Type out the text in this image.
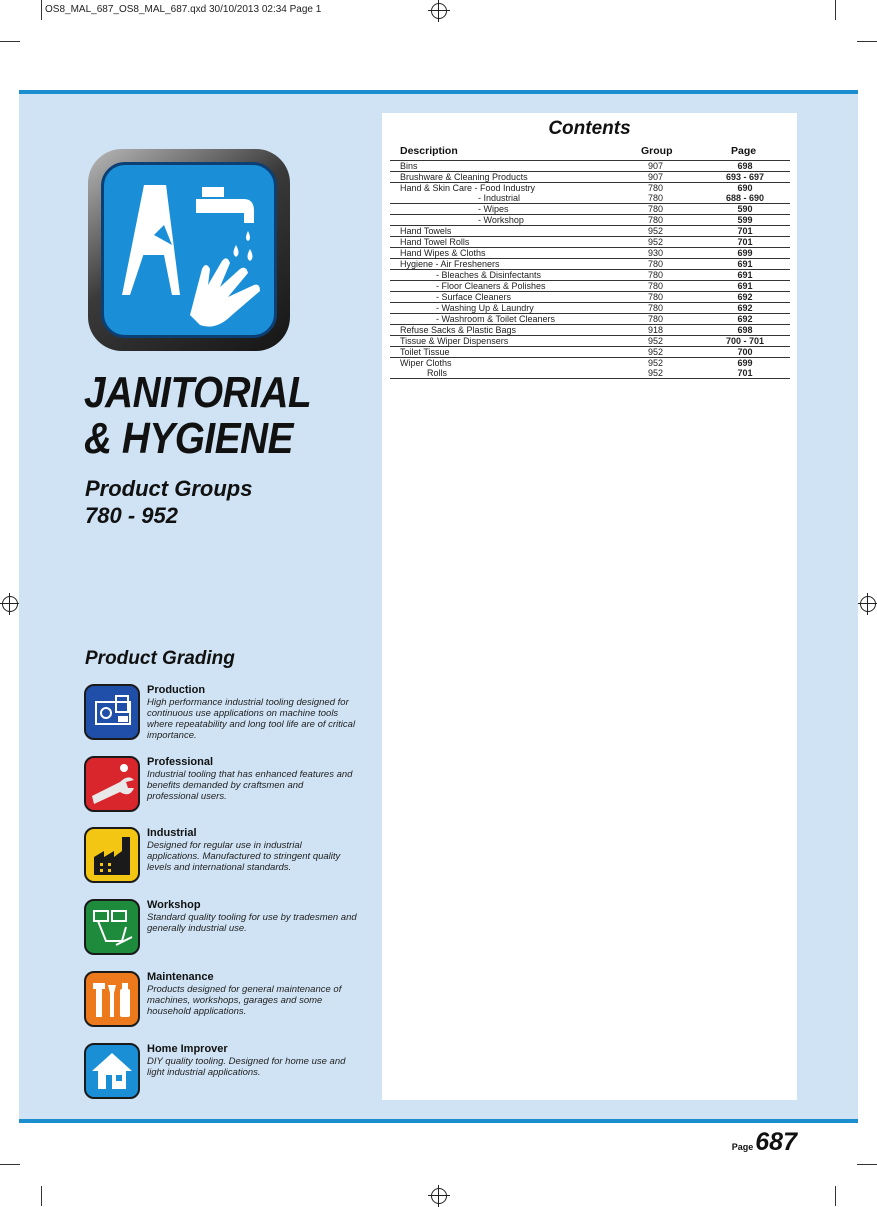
OS8_MAL_687_OS8_MAL_687.qxd 30/10/2013 02:34 Page 1
JANITORIAL
& HYGIENE
Product Groups
780 - 952
Product Grading
Production
High performance industrial tooling designed for continuous use applications on machine tools where repeatability and long tool life are of critical importance.
Professional
Industrial tooling that has enhanced features and benefits demanded by craftsmen and professional users.
Industrial
Designed for regular use in industrial applications. Manufactured to stringent quality levels and international standards.
Workshop
Standard quality tooling for use by tradesmen and generally industrial use.
Maintenance
Products designed for general maintenance of machines, workshops, garages and some household applications.
Home Improver
DIY quality tooling. Designed for home use and light industrial applications.
Contents
Description	Group	Page
Bins	907	698
Brushware & Cleaning Products	907	693 - 697
Hand & Skin Care - Food Industry	780	690
- Industrial	780	688 - 690
- Wipes	780	590
- Workshop	780	599
Hand Towels	952	701
Hand Towel Rolls	952	701
Hand Wipes & Cloths	930	699
Hygiene - Air Fresheners	780	691
- Bleaches & Disinfectants	780	691
- Floor Cleaners & Polishes	780	691
- Surface Cleaners	780	692
- Washing Up & Laundry	780	692
- Washroom & Toilet Cleaners	780	692
Refuse Sacks & Plastic Bags	918	698
Tissue & Wiper Dispensers	952	700 - 701
Toilet Tissue	952	700
Wiper Cloths	952	699
Rolls	952	701
Page687
